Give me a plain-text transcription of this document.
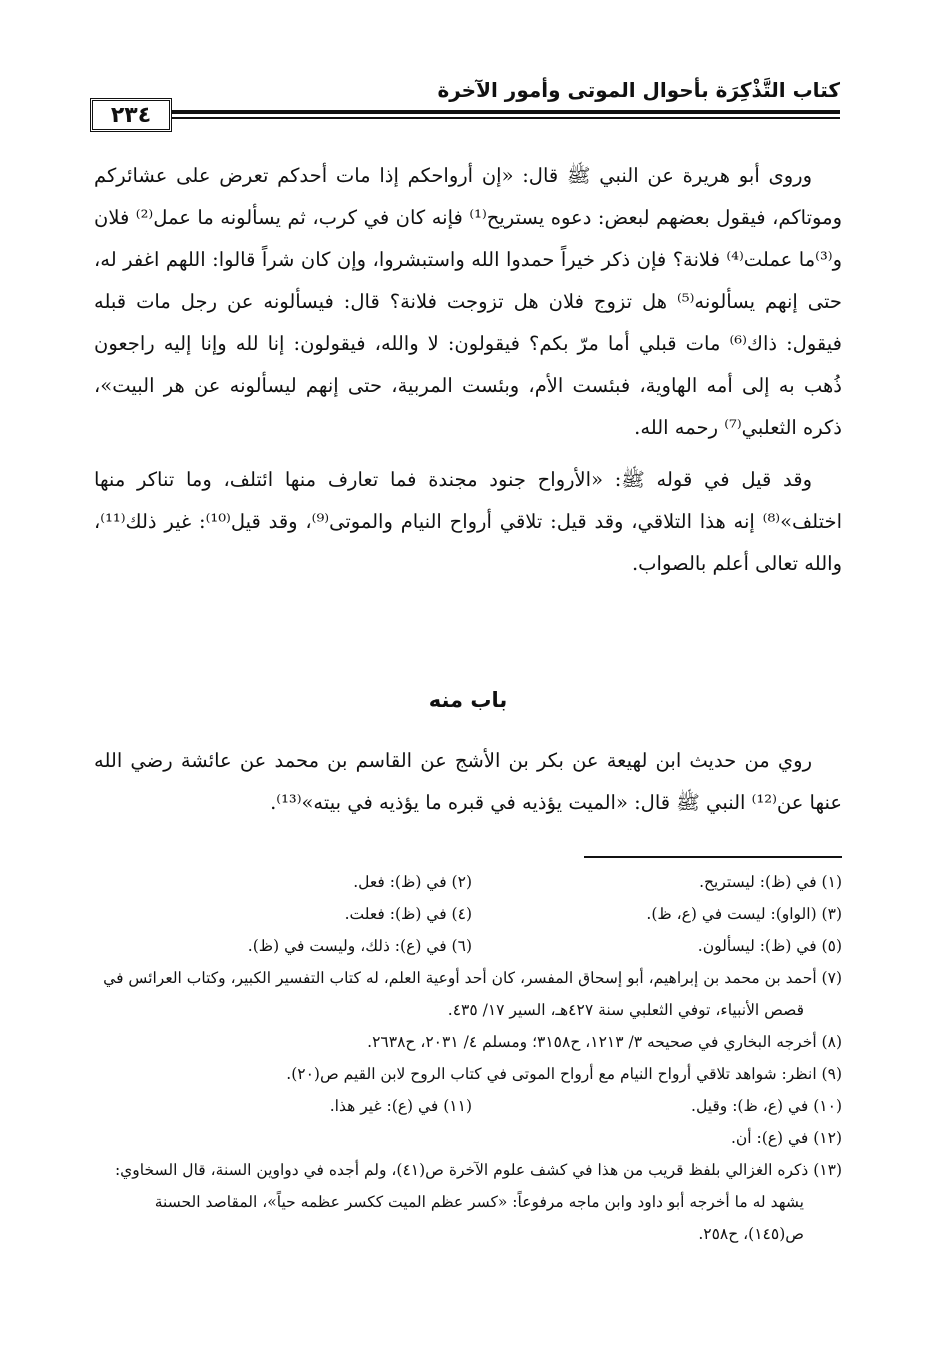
كتاب التَّذْكِرَة بأحوال الموتى وأمور الآخرة
٢٣٤

وروى أبو هريرة عن النبي ﷺ قال: «إن أرواحكم إذا مات أحدكم تعرض على عشائركم وموتاكم، فيقول بعضهم لبعض: دعوه يستريح⁽¹⁾ فإنه كان في كرب، ثم يسألونه ما عمل⁽²⁾ فلان و⁽³⁾ما عملت⁽⁴⁾ فلانة؟ فإن ذكر خيراً حمدوا الله واستبشروا، وإن كان شراً قالوا: اللهم اغفر له، حتى إنهم يسألونه⁽⁵⁾ هل تزوج فلان هل تزوجت فلانة؟ قال: فيسألونه عن رجل مات قبله فيقول: ذاك⁽⁶⁾ مات قبلي أما مرّ بكم؟ فيقولون: لا والله، فيقولون: إنا لله وإنا إليه راجعون ذُهب به إلى أمه الهاوية، فبئست الأم، وبئست المربية، حتى إنهم ليسألونه عن هر البيت»، ذكره الثعلبي⁽⁷⁾ رحمه الله.

وقد قيل في قوله ﷺ: «الأرواح جنود مجندة فما تعارف منها ائتلف، وما تناكر منها اختلف»⁽⁸⁾ إنه هذا التلاقي، وقد قيل: تلاقي أرواح النيام والموتى⁽⁹⁾، وقد قيل⁽¹⁰⁾: غير ذلك⁽¹¹⁾، والله تعالى أعلم بالصواب.

باب منه

روي من حديث ابن لهيعة عن بكر بن الأشج عن القاسم بن محمد عن عائشة رضي الله عنها عن⁽¹²⁾ النبي ﷺ قال: «الميت يؤذيه في قبره ما يؤذيه في بيته»⁽¹³⁾.

(١) في (ظ): ليستريح.
(٢) في (ظ): فعل.
(٣) (الواو): ليست في (ع، ظ).
(٤) في (ظ): فعلت.
(٥) في (ظ): ليسألون.
(٦) في (ع): ذلك، وليست في (ظ).
(٧) أحمد بن محمد بن إبراهيم، أبو إسحاق المفسر، كان أحد أوعية العلم، له كتاب التفسير الكبير، وكتاب العرائس في قصص الأنبياء، توفي الثعلبي سنة ٤٢٧هـ، السير ١٧/ ٤٣٥.
(٨) أخرجه البخاري في صحيحه ٣/ ١٢١٣، ح٣١٥٨؛ ومسلم ٤/ ٢٠٣١، ح٢٦٣٨.
(٩) انظر: شواهد تلاقي أرواح النيام مع أرواح الموتى في كتاب الروح لابن القيم ص(٢٠).
(١٠) في (ع، ظ): وقيل.
(١١) في (ع): غير هذا.
(١٢) في (ع): أن.
(١٣) ذكره الغزالي بلفظ قريب من هذا في كشف علوم الآخرة ص(٤١)، ولم أجده في دواوين السنة، قال السخاوي: يشهد له ما أخرجه أبو داود وابن ماجه مرفوعاً: «كسر عظم الميت ككسر عظمه حياً»، المقاصد الحسنة ص(١٤٥)، ح٢٥٨.
